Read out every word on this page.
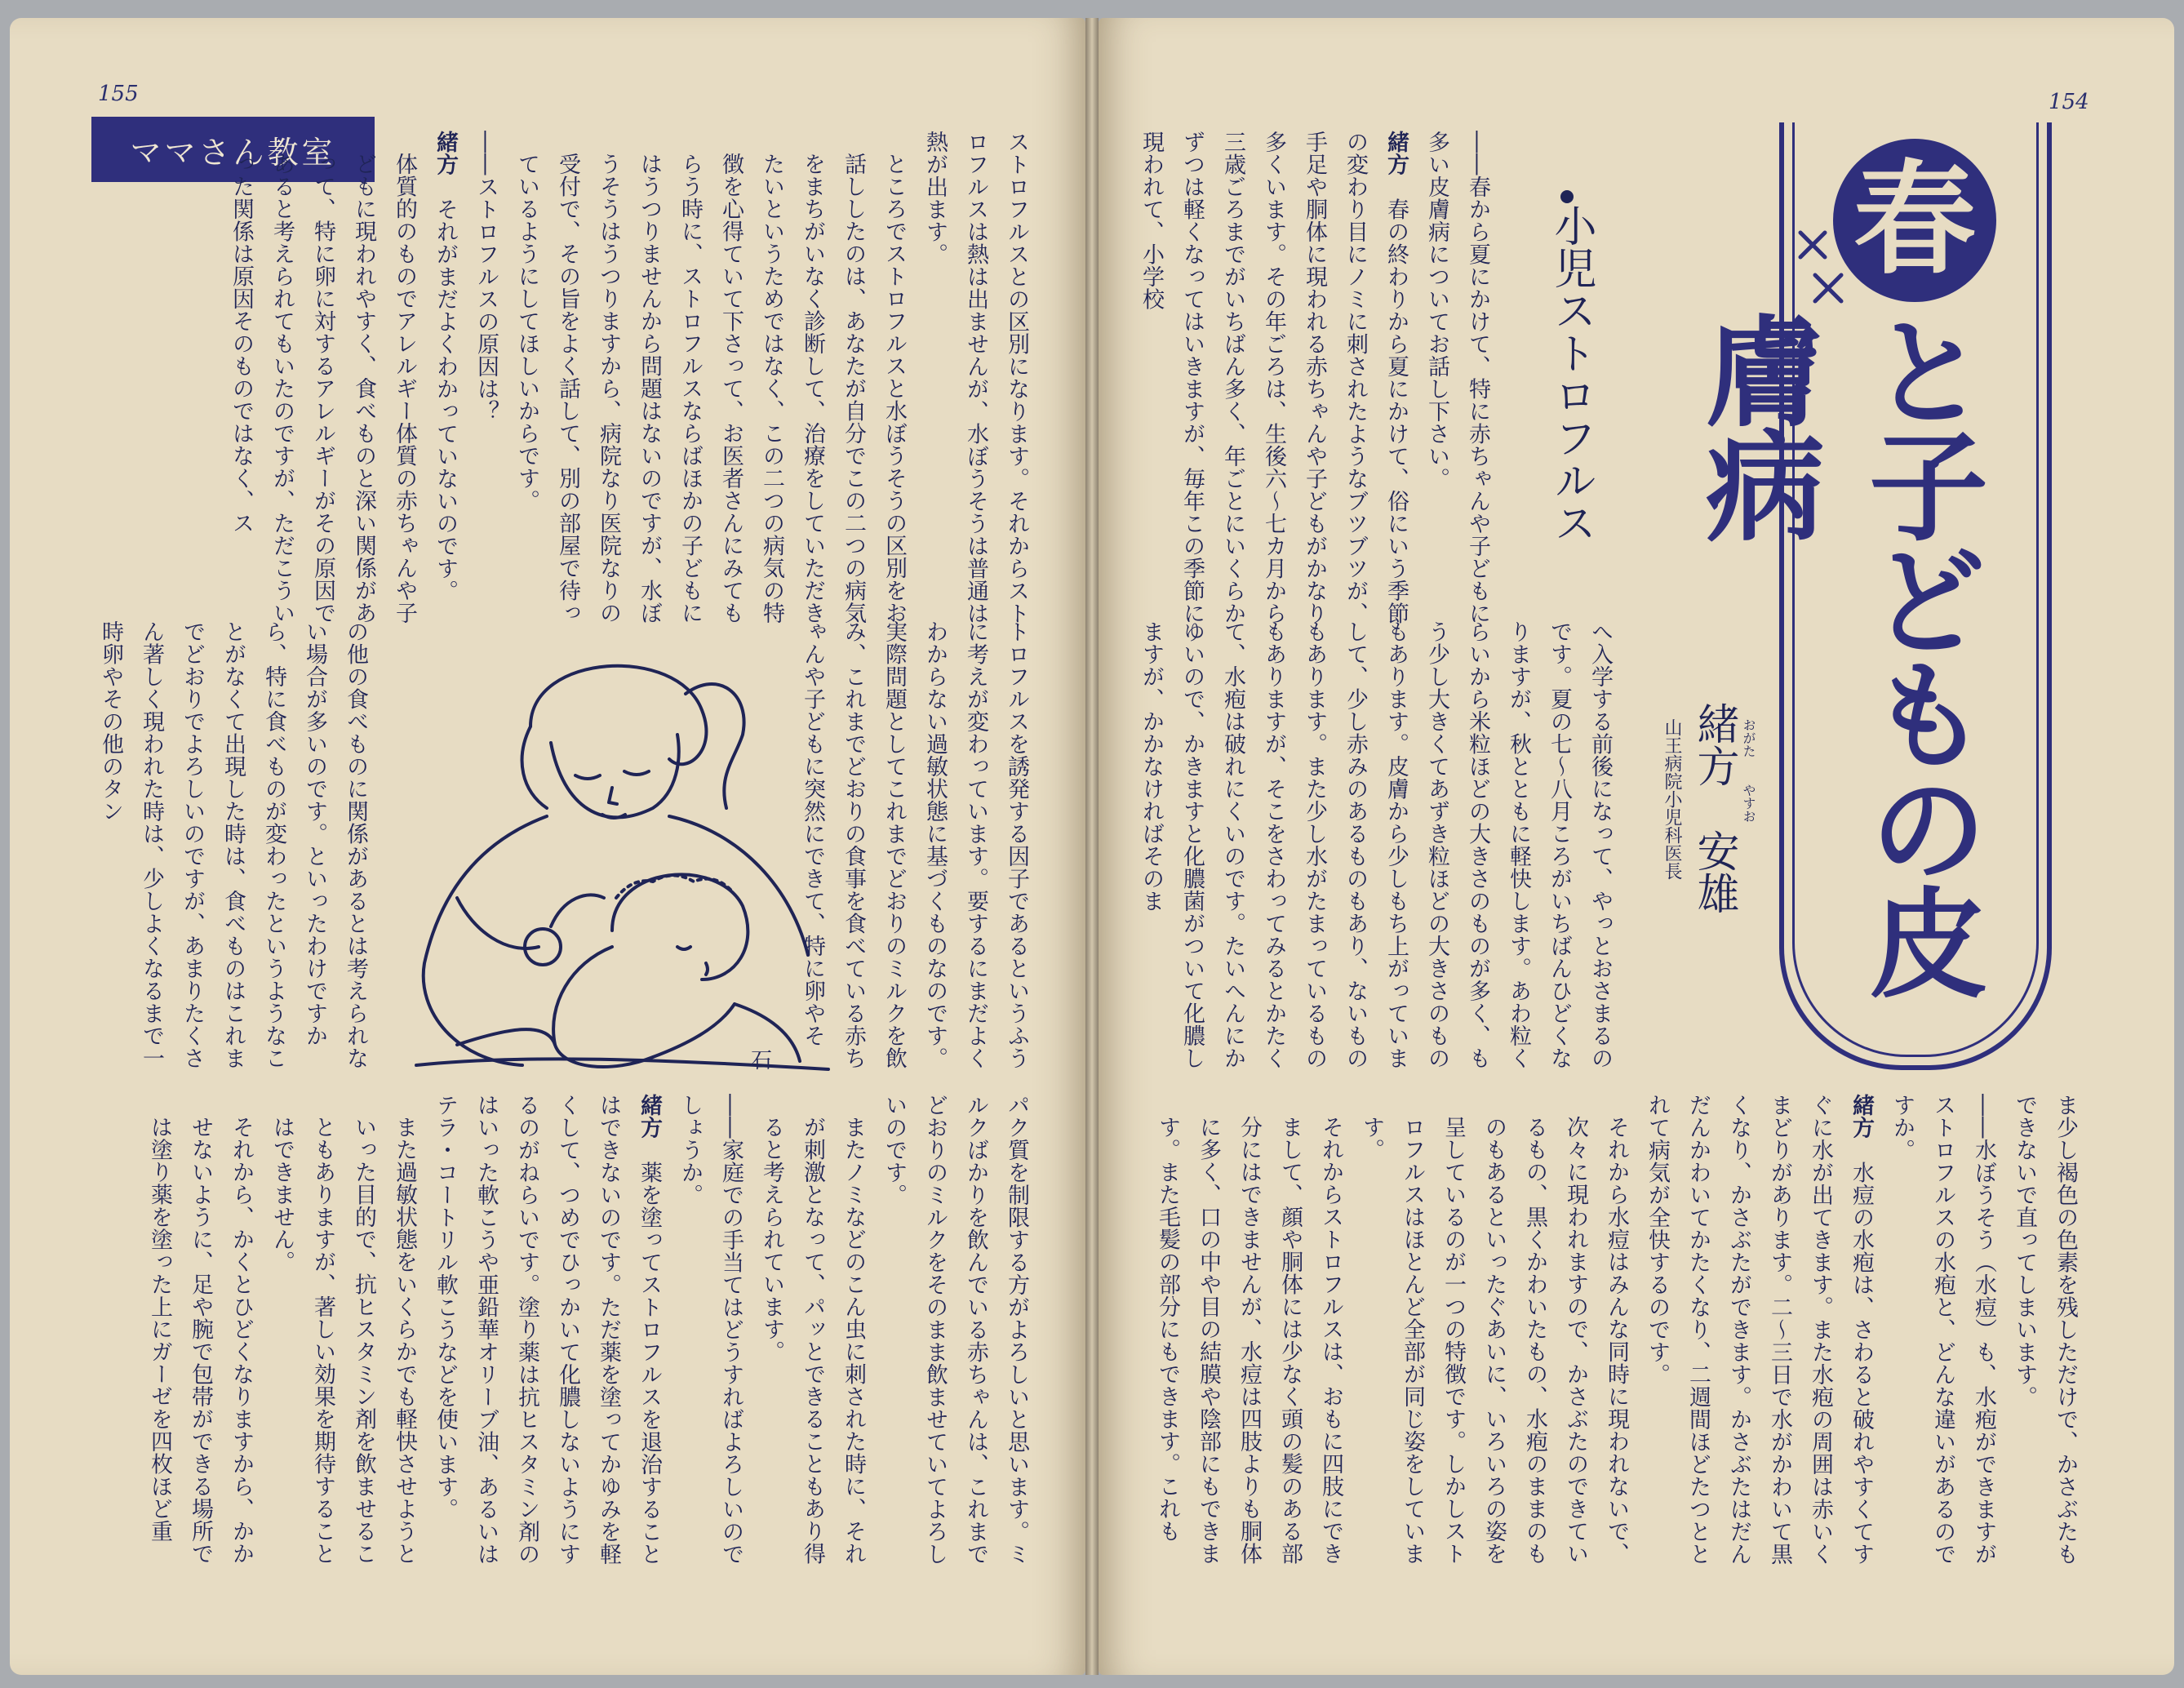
155	154
ママさん教室	春
と子どもの皮膚病
おがた　　やすお
緒方　安雄
山王病院小児科医長
小児ストロフルス

――春から夏にかけて、特に赤ちゃんや子どもに多い皮膚病についてお話し下さい。

緒方　春の終わりから夏にかけて、俗にいう季節の変わり目にノミに刺されたようなブツブツが、手足や胴体に現われる赤ちゃんや子どもがかなり多くいます。その年ごろは、生後六～七カ月から三歳ごろまでがいちばん多く、年ごとにいくらかずつは軽くなってはいきますが、毎年この季節に現われて、小学校

へ入学する前後になって、やっとおさまるのです。夏の七～八月ころがいちばんひどくなりますが、秋とともに軽快します。あわ粒くらいから米粒ほどの大きさのものが多く、もう少し大きくてあずき粒ほどの大きさのものもあります。皮膚から少しもち上がっていまして、少し赤みのあるものもあり、ないものもあります。また少し水がたまっているものもありますが、そこをさわってみるとかたくて、水疱は破れにくいのです。たいへんにかゆいので、かきますと化膿菌がついて化膿しますが、かかなければそのま

ま少し褐色の色素を残しただけで、かさぶたもできないで直ってしまいます。

――水ぼうそう（水痘）も、水疱ができますがストロフルスの水疱と、どんな違いがあるのですか。

緒方　水痘の水疱は、さわると破れやすくてすぐに水が出てきます。また水疱の周囲は赤いくまどりがあります。二～三日で水がかわいて黒くなり、かさぶたができます。かさぶたはだんだんかわいてかたくなり、二週間ほどたつととれて病気が全快するのです。

それから水痘はみんな同時に現われないで、次々に現われますので、かさぶたのできているもの、黒くかわいたもの、水疱のままのものもあるといったぐあいに、いろいろの姿を呈しているのが一つの特徴です。しかしストロフルスはほとんど全部が同じ姿をしています。

それからストロフルスは、おもに四肢にできまして、顔や胴体には少なく頭の髪のある部分にはできませんが、水痘は四肢よりも胴体に多く、口の中や目の結膜や陰部にもできます。また毛髪の部分にもできます。これも

ストロフルスとの区別になります。それからストロフルスは熱は出ませんが、水ぼうそうは普通は熱が出ます。

ところでストロフルスと水ぼうそうの区別をお話ししたのは、あなたが自分でこの二つの病気をまちがいなく診断して、治療をしていただきたいというためではなく、この二つの病気の特徴を心得ていて下さって、お医者さんにみてもらう時に、ストロフルスならばほかの子どもにはうつりませんから問題はないのですが、水ぼうそうはうつりますから、病院なり医院なりの受付で、その旨をよく話して、別の部屋で待っているようにしてほしいからです。

――ストロフルスの原因は？

緒方　それがまだよくわかっていないのです。

体質的のものでアレルギー体質の赤ちゃんや子どもに現われやすく、食べものと深い関係があって、特に卵に対するアレルギーがその原因であると考えられてもいたのですが、ただこういった関係は原因そのものではなく、ス

トロフルスを誘発する因子であるというふうに考えが変わっています。要するにまだよくわからない過敏状態に基づくものなのです。実際問題としてこれまでどおりのミルクを飲み、これまでどおりの食事を食べている赤ちゃんや子どもに突然にできて、特に卵やそ

の他の食べものに関係があるとは考えられない場合が多いのです。といったわけですから、特に食べものが変わったというようなことがなくて出現した時は、食べものはこれまでどおりでよろしいのですが、あまりたくさん著しく現われた時は、少しよくなるまで一時卵やその他のタン

石

パク質を制限する方がよろしいと思います。ミルクばかりを飲んでいる赤ちゃんは、これまでどおりのミルクをそのまま飲ませていてよろしいのです。

またノミなどのこん虫に刺された時に、それが刺激となって、パッとできることもあり得ると考えられています。

――家庭での手当てはどうすればよろしいのでしょうか。

緒方　薬を塗ってストロフルスを退治することはできないのです。ただ薬を塗ってかゆみを軽くして、つめでひっかいて化膿しないようにするのがねらいです。塗り薬は抗ヒスタミン剤のはいった軟こうや亜鉛華オリーブ油、あるいはテラ・コートリル軟こうなどを使います。

また過敏状態をいくらかでも軽快させようといった目的で、抗ヒスタミン剤を飲ませることもありますが、著しい効果を期待することはできません。

それから、かくとひどくなりますから、かかせないように、足や腕で包帯ができる場所では塗り薬を塗った上にガーゼを四枚ほど重
